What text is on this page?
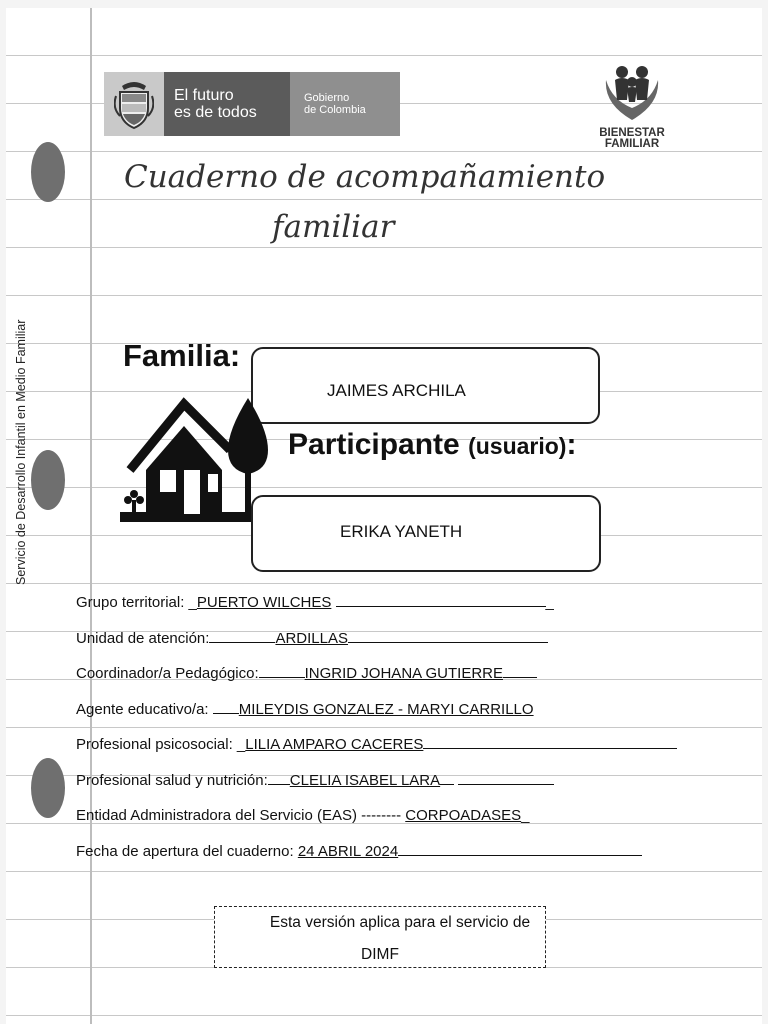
Servicio de Desarrollo Infantil en Medio Familiar
El futuro
es de todos
Gobierno
de Colombia
BIENESTAR
FAMILIAR
Cuaderno de acompañamiento
familiar
Familia:
JAIMES ARCHILA
Participante (usuario):
ERIKA YANETH
Grupo territorial: _PUERTO WILCHES	_
Unidad de atención:	ARDILLAS
Coordinador/a Pedagógico:	INGRID JOHANA GUTIERRE
Agente educativo/a: MILEYDIS GONZALEZ - MARYI CARRILLO
Profesional psicosocial: _LILIA AMPARO CACERES
Profesional salud y nutrición: CLELIA ISABEL LARA
Entidad Administradora del Servicio (EAS) -------- CORPOADASES_
Fecha de apertura del cuaderno: 24 ABRIL 2024
Esta versión aplica para el servicio de
DIMF
